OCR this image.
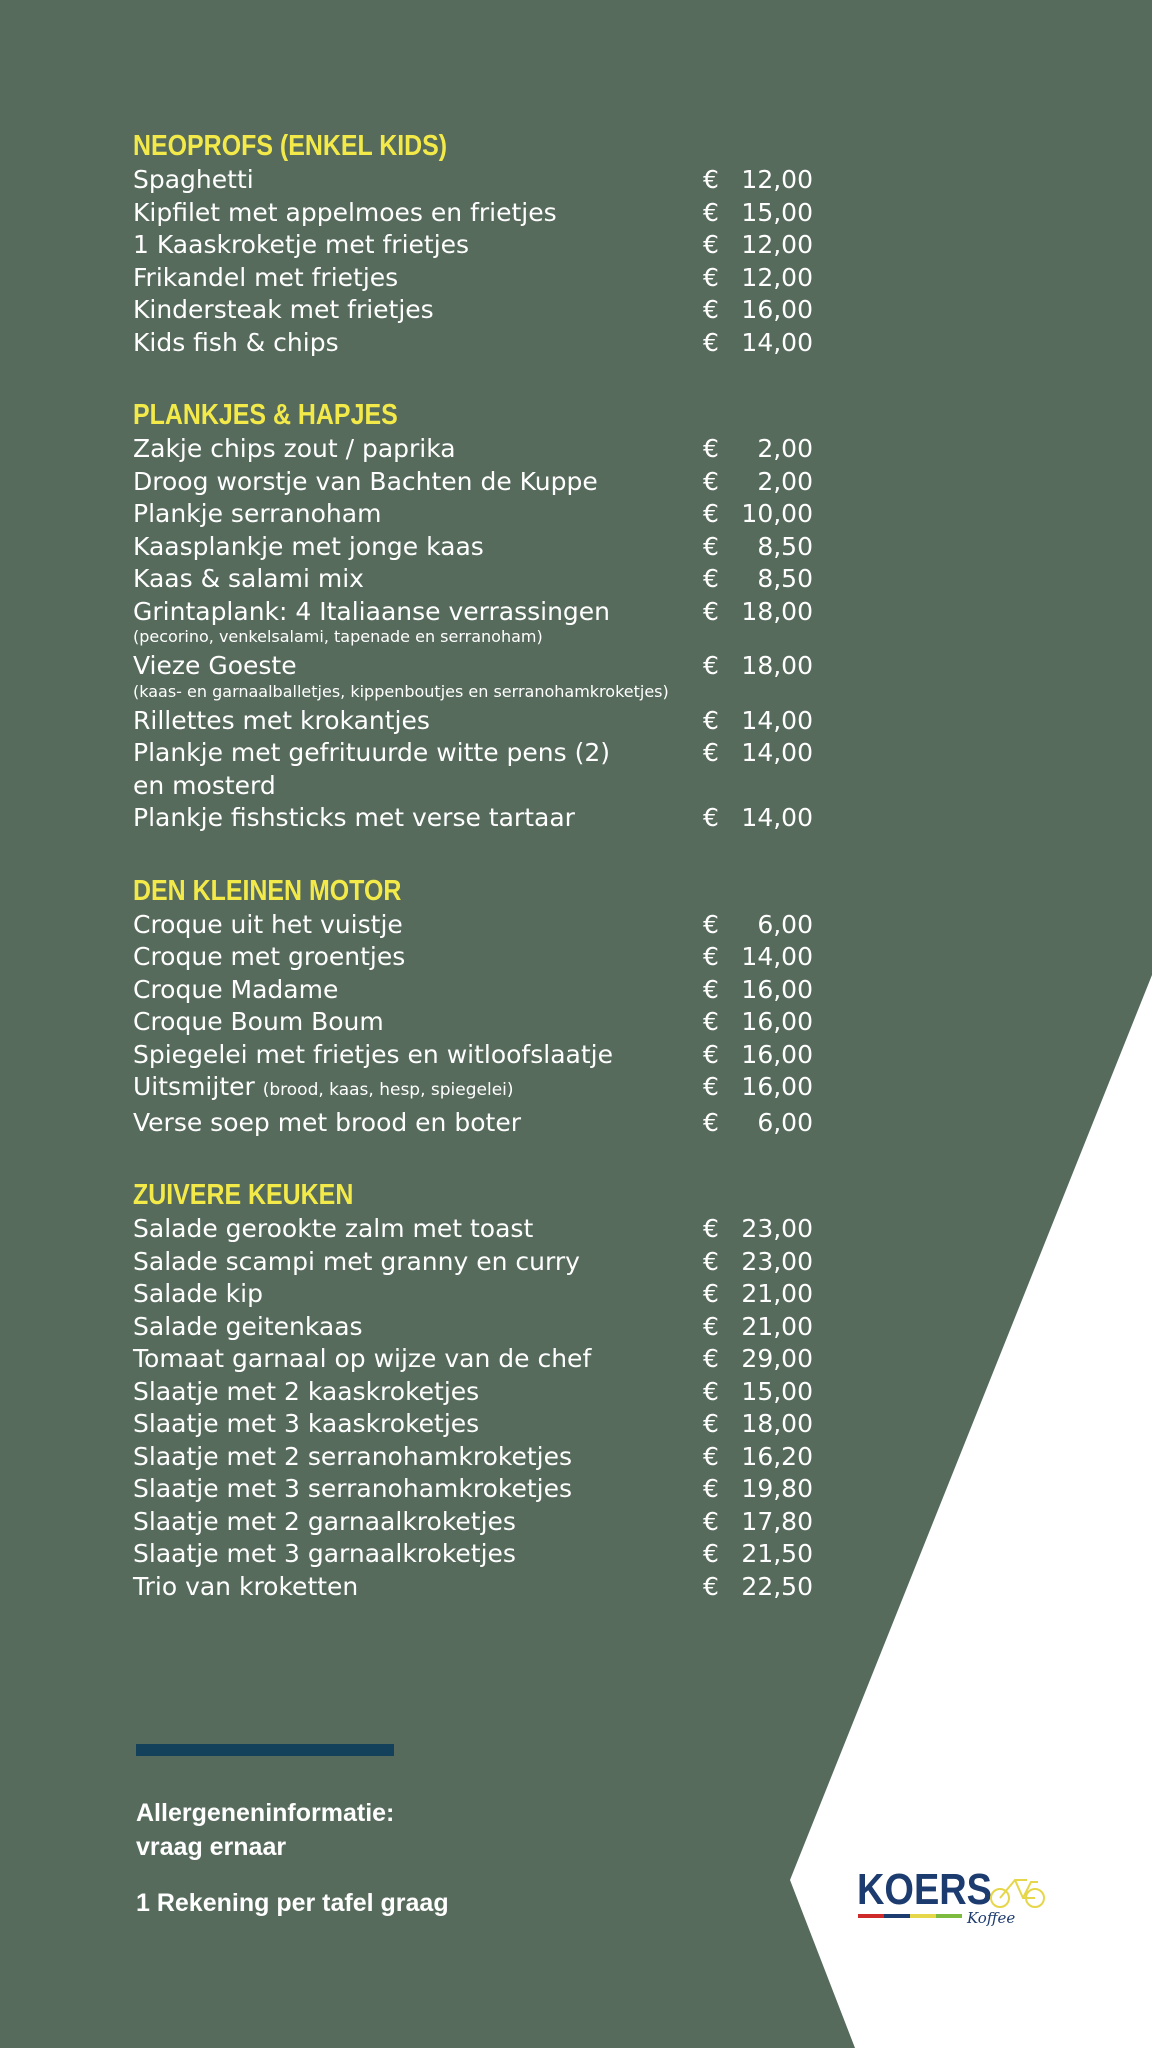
NEOPROFS (ENKEL KIDS)
Spaghetti	€ 12,00
Kipfilet met appelmoes en frietjes	€ 15,00
1 Kaaskroketje met frietjes	€ 12,00
Frikandel met frietjes	€ 12,00
Kindersteak met frietjes	€ 16,00
Kids fish & chips	€ 14,00
PLANKJES & HAPJES
Zakje chips zout / paprika	€ 2,00
Droog worstje van Bachten de Kuppe	€ 2,00
Plankje serranoham	€ 10,00
Kaasplankje met jonge kaas	€ 8,50
Kaas & salami mix	€ 8,50
Grintaplank: 4 Italiaanse verrassingen	€ 18,00
(pecorino, venkelsalami, tapenade en serranoham)
Vieze Goeste	€ 18,00
(kaas- en garnaalballetjes, kippenboutjes en serranohamkroketjes)
Rillettes met krokantjes	€ 14,00
Plankje met gefrituurde witte pens (2)	€ 14,00
en mosterd
Plankje fishsticks met verse tartaar	€ 14,00
DEN KLEINEN MOTOR
Croque uit het vuistje	€ 6,00
Croque met groentjes	€ 14,00
Croque Madame	€ 16,00
Croque Boum Boum	€ 16,00
Spiegelei met frietjes en witloofslaatje	€ 16,00
Uitsmijter (brood, kaas, hesp, spiegelei)	€ 16,00
Verse soep met brood en boter	€ 6,00
ZUIVERE KEUKEN
Salade gerookte zalm met toast	€ 23,00
Salade scampi met granny en curry	€ 23,00
Salade kip	€ 21,00
Salade geitenkaas	€ 21,00
Tomaat garnaal op wijze van de chef	€ 29,00
Slaatje met 2 kaaskroketjes	€ 15,00
Slaatje met 3 kaaskroketjes	€ 18,00
Slaatje met 2 serranohamkroketjes	€ 16,20
Slaatje met 3 serranohamkroketjes	€ 19,80
Slaatje met 2 garnaalkroketjes	€ 17,80
Slaatje met 3 garnaalkroketjes	€ 21,50
Trio van kroketten	€ 22,50
Allergeneninformatie:
vraag ernaar
1 Rekening per tafel graag	KOERS
Koffee
